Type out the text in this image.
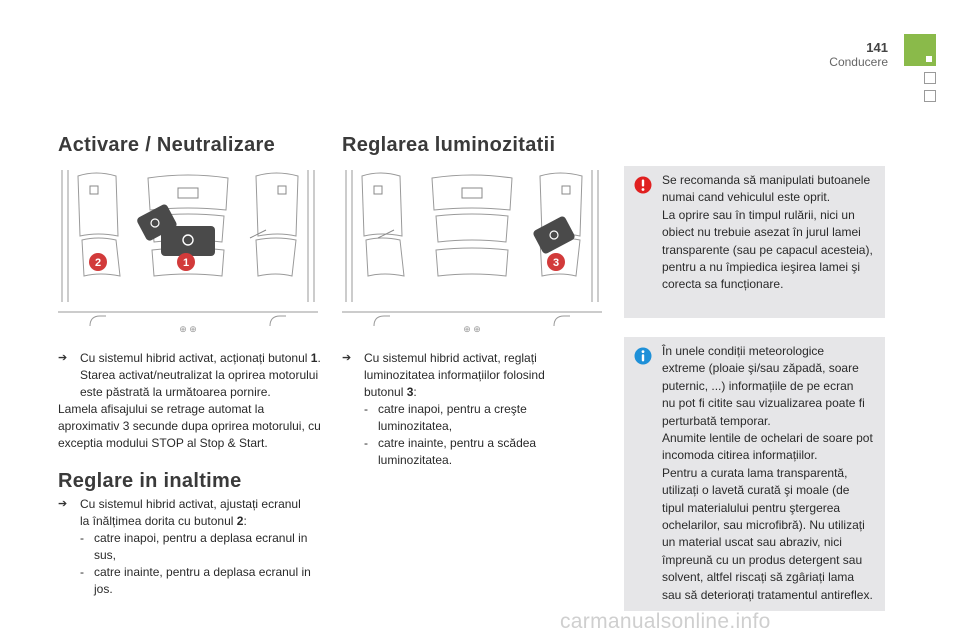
141
Conducere
Activare / Neutralizare	Reglarea luminozitatii
Reglare in inaltime
2	1
⊕ ⊕
3
⊕ ⊕
➔	Cu sistemul hibrid activat, acționați butonul 1.
Starea activat/neutralizat la oprirea motorului
este păstrată la următoarea pornire.
Lamela afisajului se retrage automat la
aproximativ 3 secunde dupa oprirea motorului, cu
exceptia modului STOP al Stop & Start.
➔	Cu sistemul hibrid activat, ajustați ecranul
la înălțimea dorita cu butonul 2:
- catre inapoi, pentru a deplasa ecranul in
sus,
- catre inainte, pentru a deplasa ecranul in
jos.
➔	Cu sistemul hibrid activat, reglați
luminozitatea informațiilor folosind
butonul 3:
- catre inapoi, pentru a creşte
luminozitatea,
- catre inainte, pentru a scădea
luminozitatea.
Se recomanda să manipulati butoanele
numai cand vehiculul este oprit.
La oprire sau în timpul rulării, nici un
obiect nu trebuie asezat în jurul lamei
transparente (sau pe capacul acesteia),
pentru a nu împiedica ieşirea lamei şi
corecta sa funcționare.
În unele condiții meteorologice
extreme (ploaie şi/sau zăpadă, soare
puternic, ...) informațiile de pe ecran
nu pot fi citite sau vizualizarea poate fi
perturbată temporar.
Anumite lentile de ochelari de soare pot
incomoda citirea informațiilor.
Pentru a curata lama transparentă,
utilizați o lavetă curată şi moale (de
tipul materialului pentru ştergerea
ochelarilor, sau microfibră). Nu utilizați
un material uscat sau abraziv, nici
împreună cu un produs detergent sau
solvent, altfel riscați să zgâriați lama
sau să deteriorați tratamentul antireflex.
carmanualsonline.info
